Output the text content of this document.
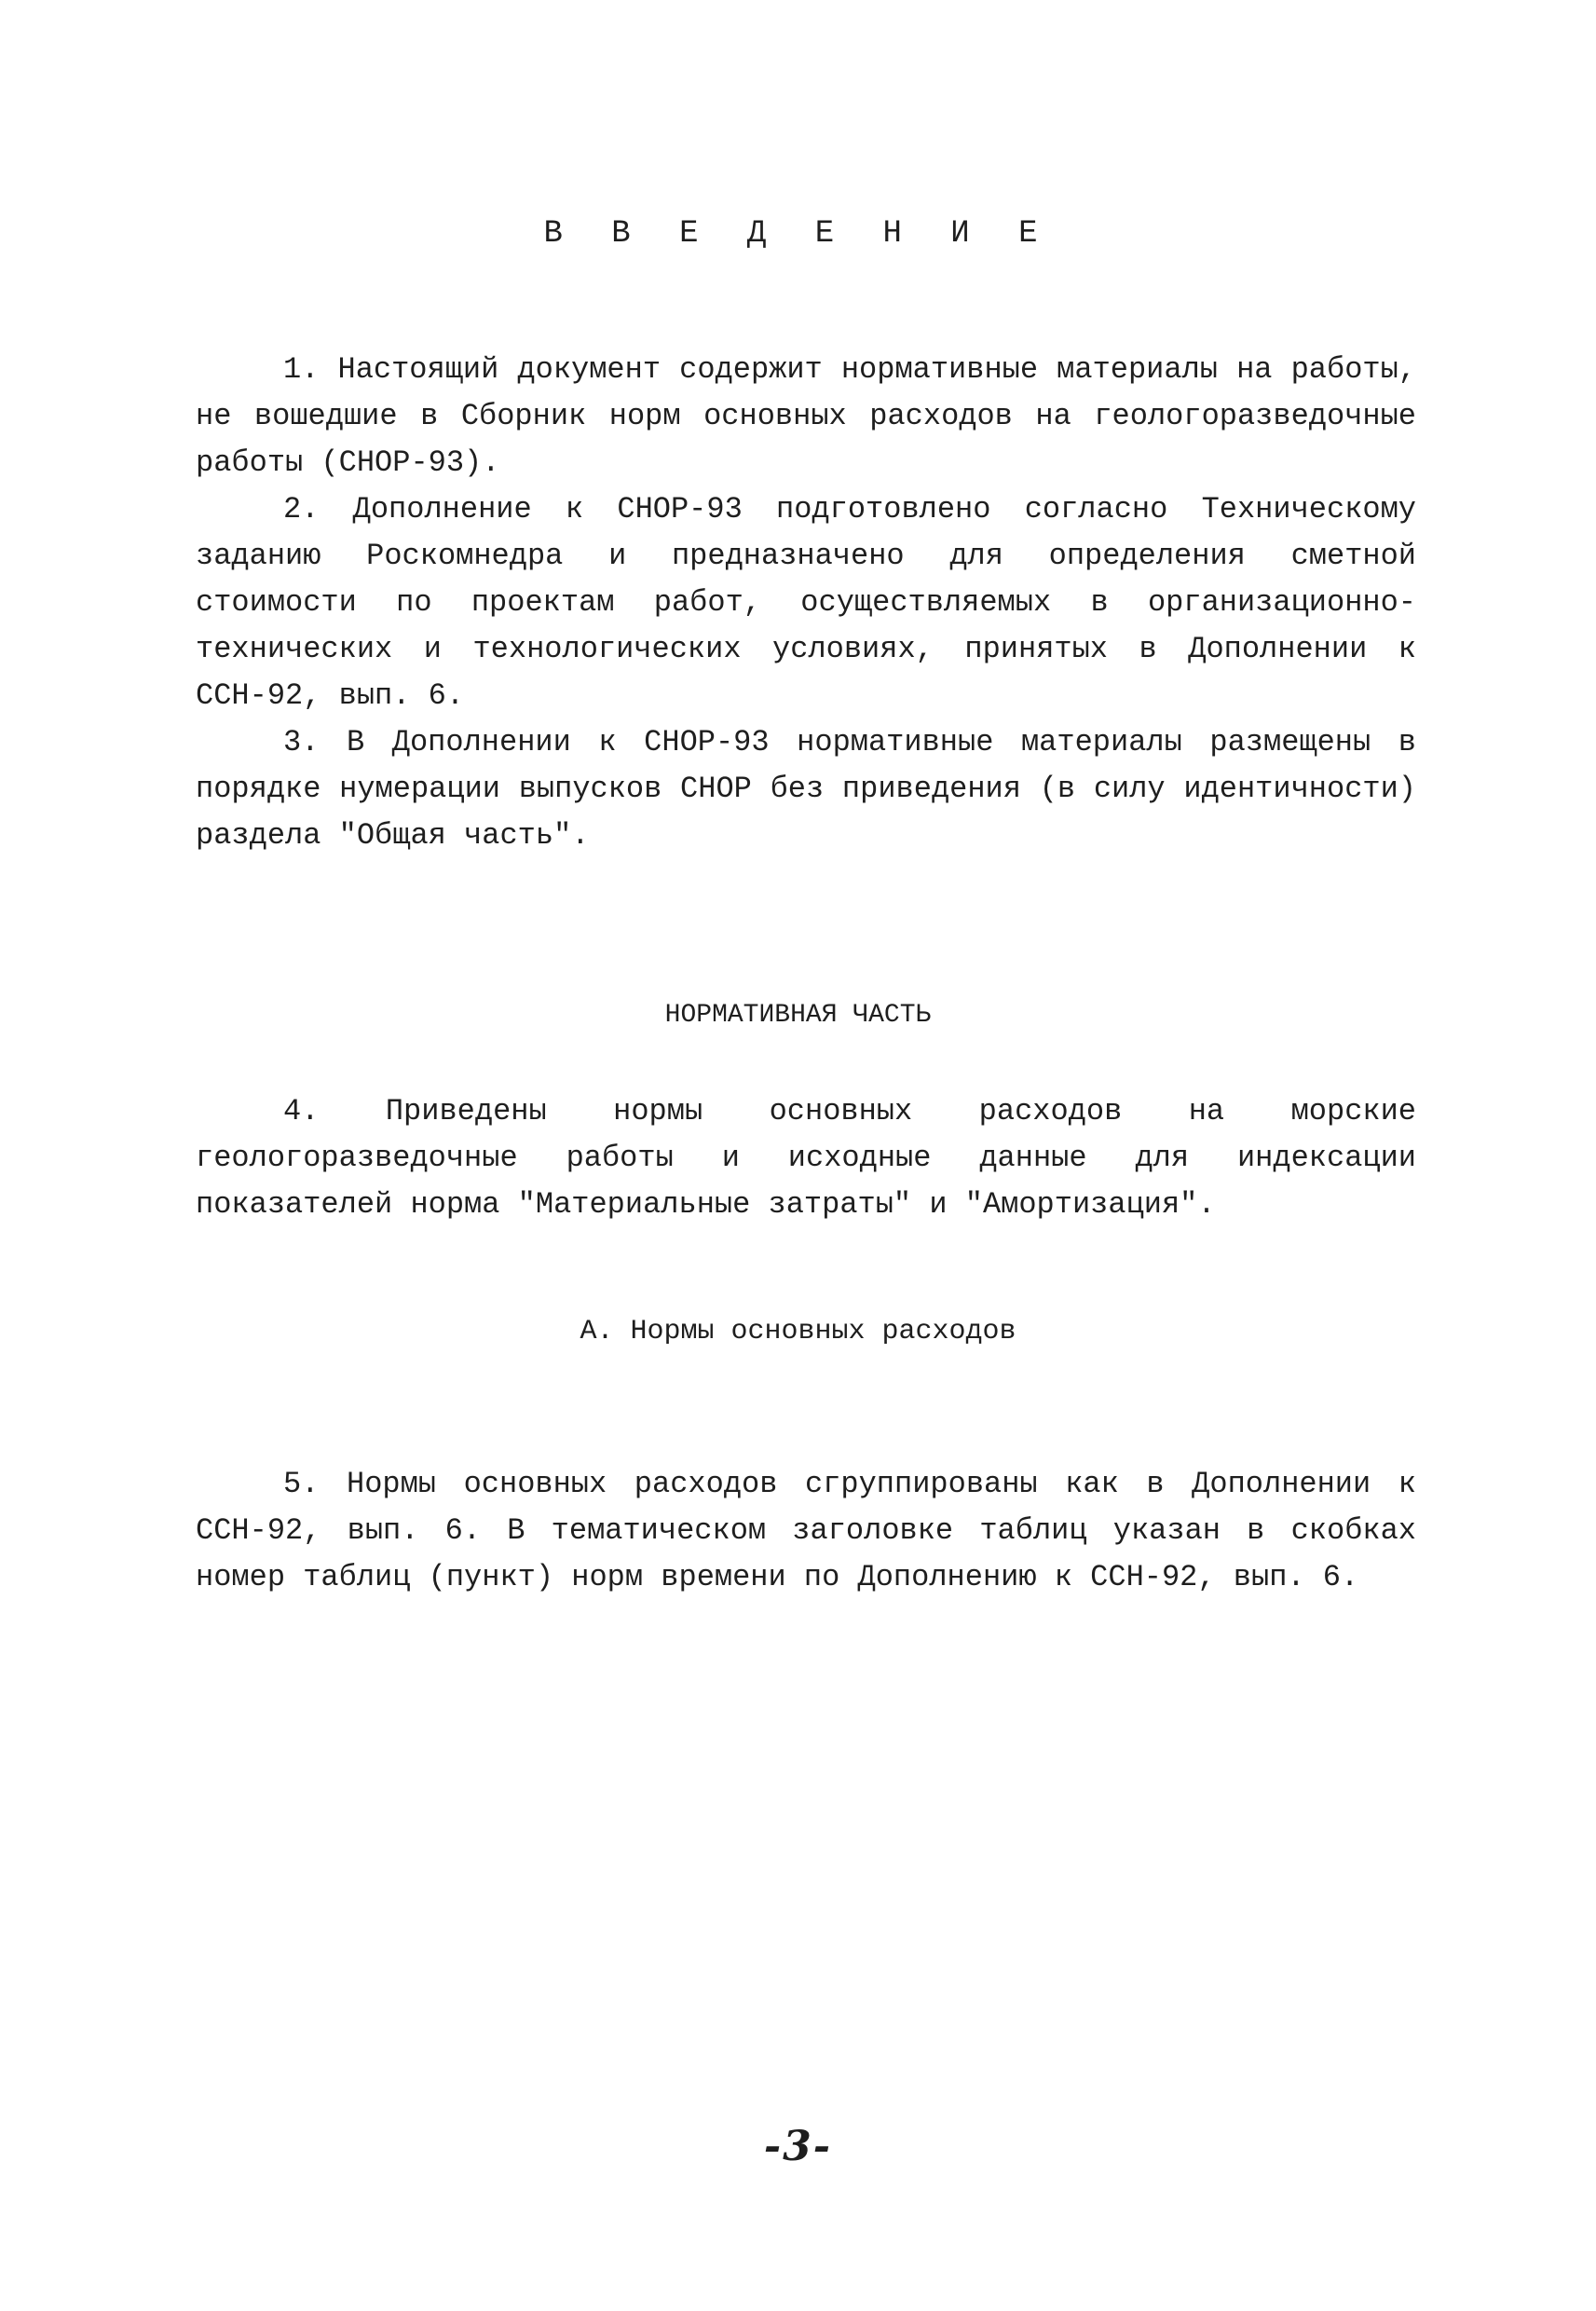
В В Е Д Е Н И Е

1. Настоящий документ содержит нормативные материалы на работы, не вошедшие в Сборник норм основных расходов на геологоразведочные работы (СНОР-93).

2. Дополнение к СНОР-93 подготовлено согласно Техническому заданию Роскомнедра и предназначено для определения сметной стоимости по проектам работ, осуществляемых в организационно-технических и технологических условиях, принятых в Дополнении к ССН-92, вып. 6.

3. В Дополнении к СНОР-93 нормативные материалы размещены в порядке нумерации выпусков СНОР без приведения (в силу идентичности) раздела "Общая часть".

НОРМАТИВНАЯ ЧАСТЬ

4. Приведены нормы основных расходов на морские геологоразведочные работы и исходные данные для индексации показателей норма "Материальные затраты" и "Амортизация".

А. Нормы основных расходов

5. Нормы основных расходов сгруппированы как в Дополнении к ССН-92, вып. 6. В тематическом заголовке таблиц указан в скобках номер таблиц (пункт) норм времени по Дополнению к ССН-92, вып. 6.

-3-
